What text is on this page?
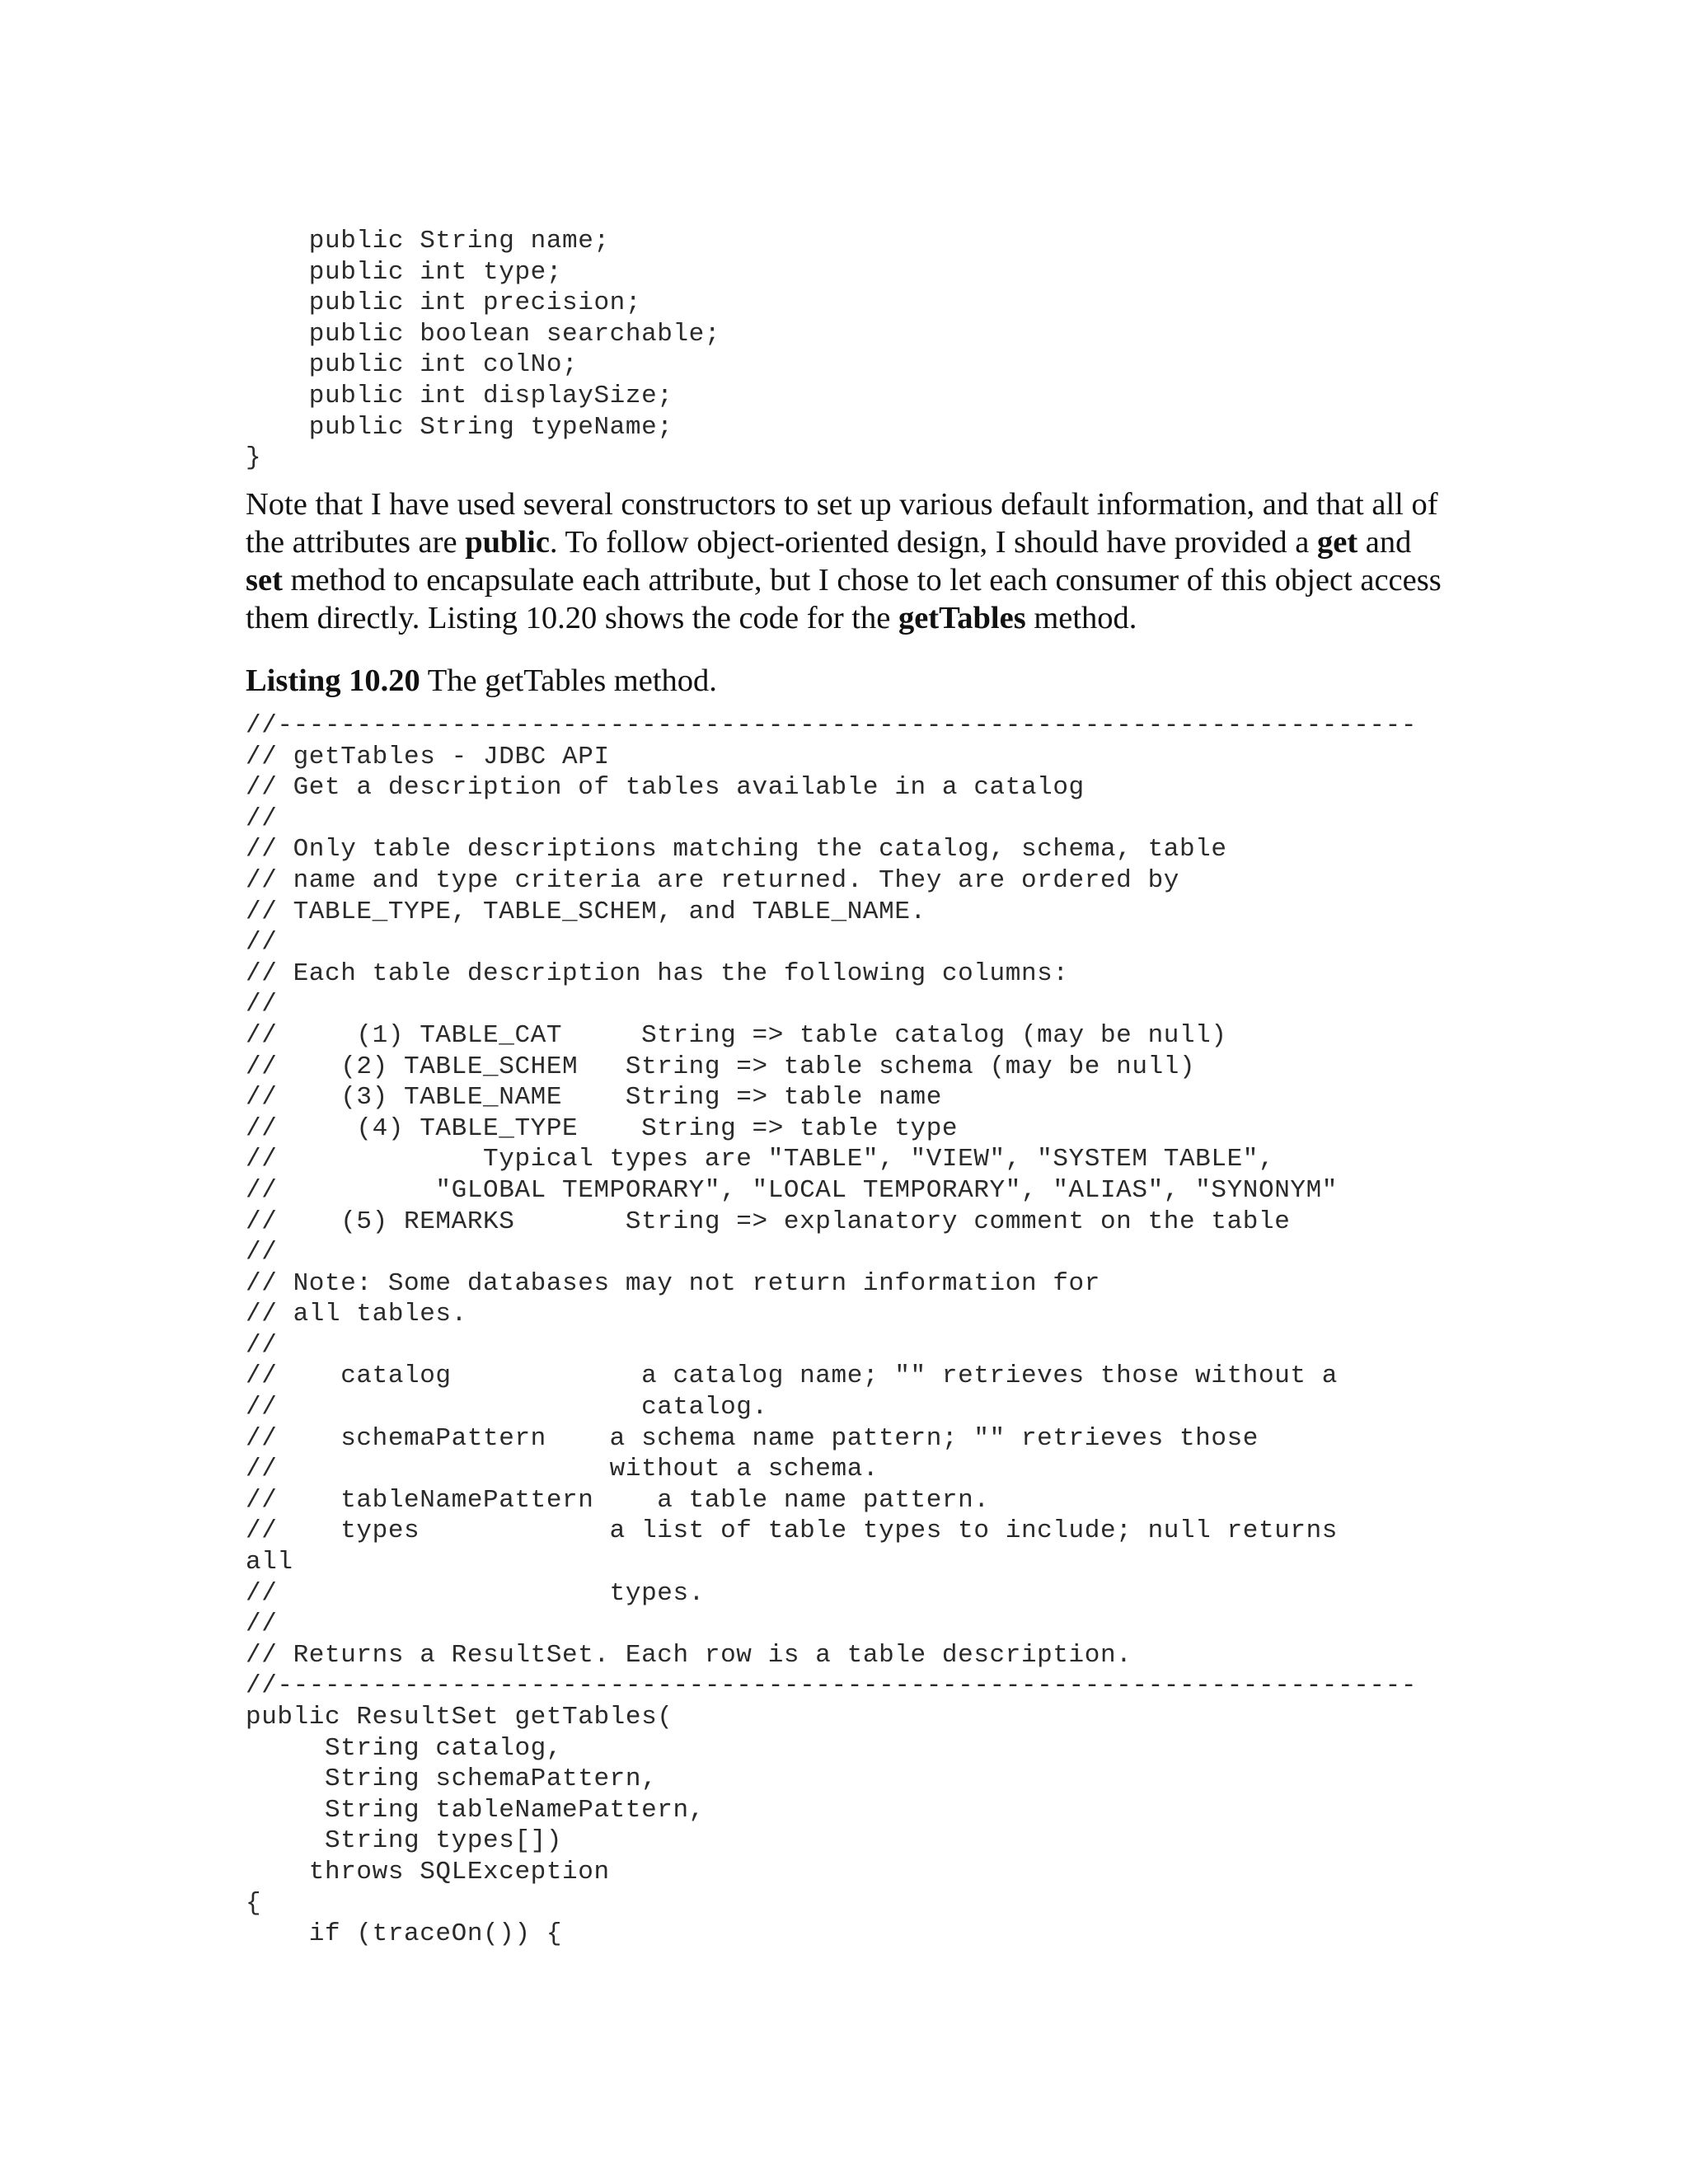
public String name;
public int type;
public int precision;
public boolean searchable;
public int colNo;
public int displaySize;
public String typeName;
}

Note that I have used several constructors to set up various default information, and that all of the attributes are public. To follow object-oriented design, I should have provided a get and set method to encapsulate each attribute, but I chose to let each consumer of this object access them directly. Listing 10.20 shows the code for the getTables method.

Listing 10.20 The getTables method.

//------------------------------------------------------------------------
// getTables - JDBC API
// Get a description of tables available in a catalog
//
// Only table descriptions matching the catalog, schema, table
// name and type criteria are returned. They are ordered by
// TABLE_TYPE, TABLE_SCHEM, and TABLE_NAME.
//
// Each table description has the following columns:
//
//     (1) TABLE_CAT     String => table catalog (may be null)
//    (2) TABLE_SCHEM   String => table schema (may be null)
//    (3) TABLE_NAME    String => table name
//     (4) TABLE_TYPE    String => table type
//             Typical types are "TABLE", "VIEW", "SYSTEM TABLE",
//          "GLOBAL TEMPORARY", "LOCAL TEMPORARY", "ALIAS", "SYNONYM"
//    (5) REMARKS       String => explanatory comment on the table
//
// Note: Some databases may not return information for
// all tables.
//
//    catalog            a catalog name; "" retrieves those without a
//                       catalog.
//    schemaPattern    a schema name pattern; "" retrieves those
//                     without a schema.
//    tableNamePattern    a table name pattern.
//    types            a list of table types to include; null returns
all
//                     types.
//
// Returns a ResultSet. Each row is a table description.
//------------------------------------------------------------------------
public ResultSet getTables(
String catalog,
String schemaPattern,
String tableNamePattern,
String types[])
throws SQLException
{
if (traceOn()) {
